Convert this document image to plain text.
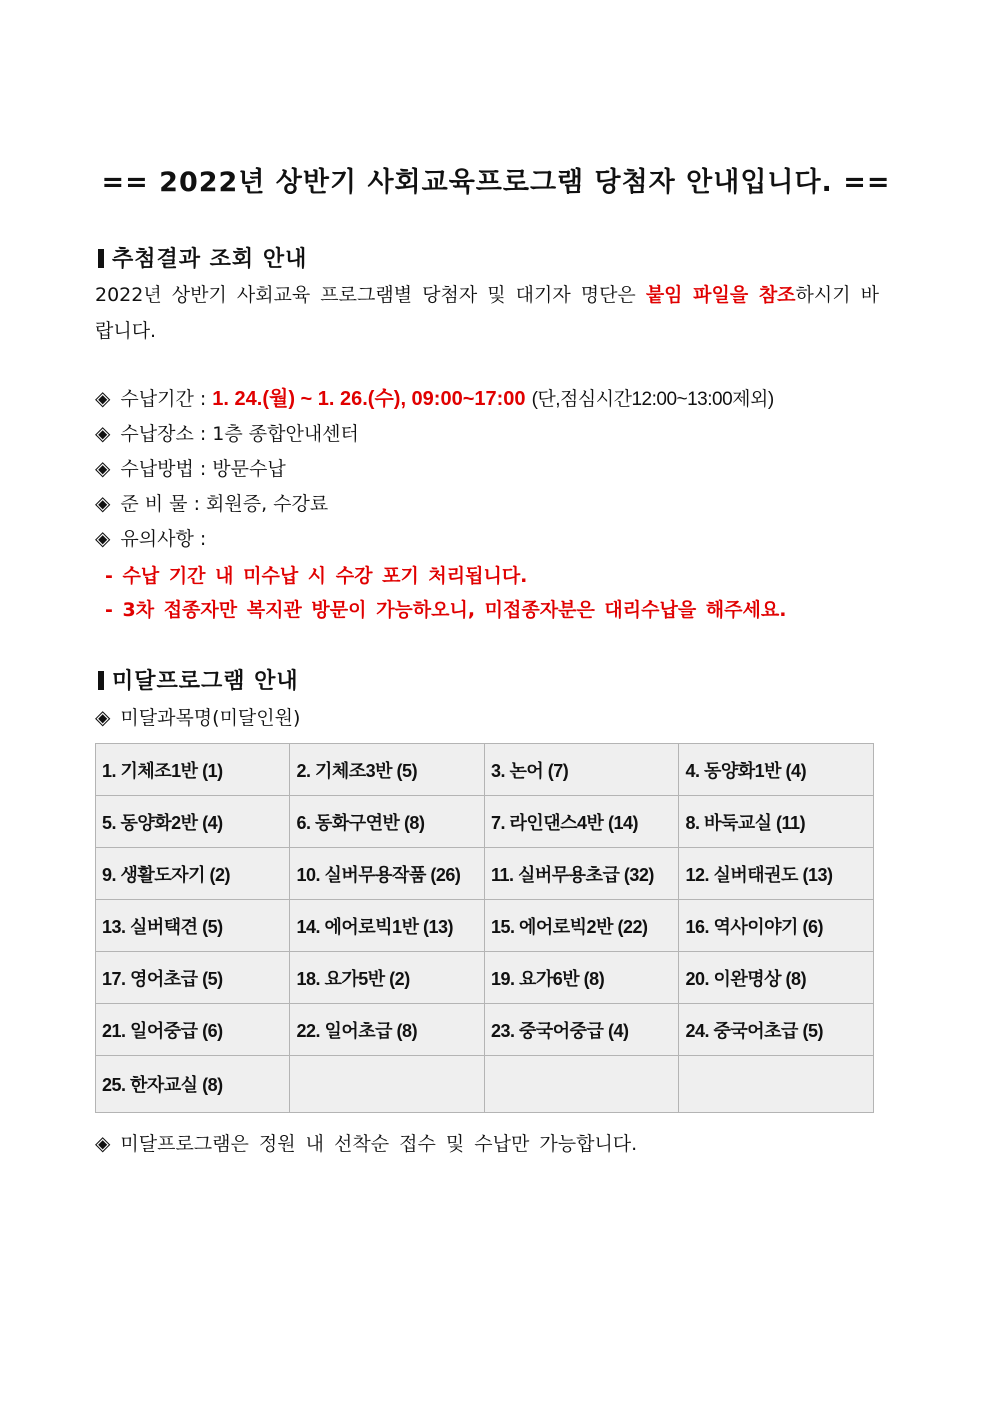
== 2022년 상반기 사회교육프로그램 당첨자 안내입니다. ==
추첨결과 조회 안내
2022년 상반기 사회교육 프로그램별 당첨자 및 대기자 명단은 붙임 파일을 참조하시기 바랍니다.
◈ 수납기간 : 1. 24.(월) ~ 1. 26.(수), 09:00~17:00 (단,점심시간12:00~13:00제외)
◈ 수납장소 : 1층 종합안내센터
◈ 수납방법 : 방문수납
◈ 준 비 물 : 회원증, 수강료
◈ 유의사항 :
- 수납 기간 내 미수납 시 수강 포기 처리됩니다.
- 3차 접종자만 복지관 방문이 가능하오니, 미접종자분은 대리수납을 해주세요.
미달프로그램 안내
◈ 미달과목명(미달인원)
1. 기체조1반 (1)	2. 기체조3반 (5)	3. 논어 (7)	4. 동양화1반 (4)
5. 동양화2반 (4)	6. 동화구연반 (8)	7. 라인댄스4반 (14)	8. 바둑교실 (11)
9. 생활도자기 (2)	10. 실버무용작품 (26)	11. 실버무용초급 (32)	12. 실버태권도 (13)
13. 실버택견 (5)	14. 에어로빅1반 (13)	15. 에어로빅2반 (22)	16. 역사이야기 (6)
17. 영어초급 (5)	18. 요가5반 (2)	19. 요가6반 (8)	20. 이완명상 (8)
21. 일어중급 (6)	22. 일어초급 (8)	23. 중국어중급 (4)	24. 중국어초급 (5)
25. 한자교실 (8)			
◈ 미달프로그램은 정원 내 선착순 접수 및 수납만 가능합니다.
